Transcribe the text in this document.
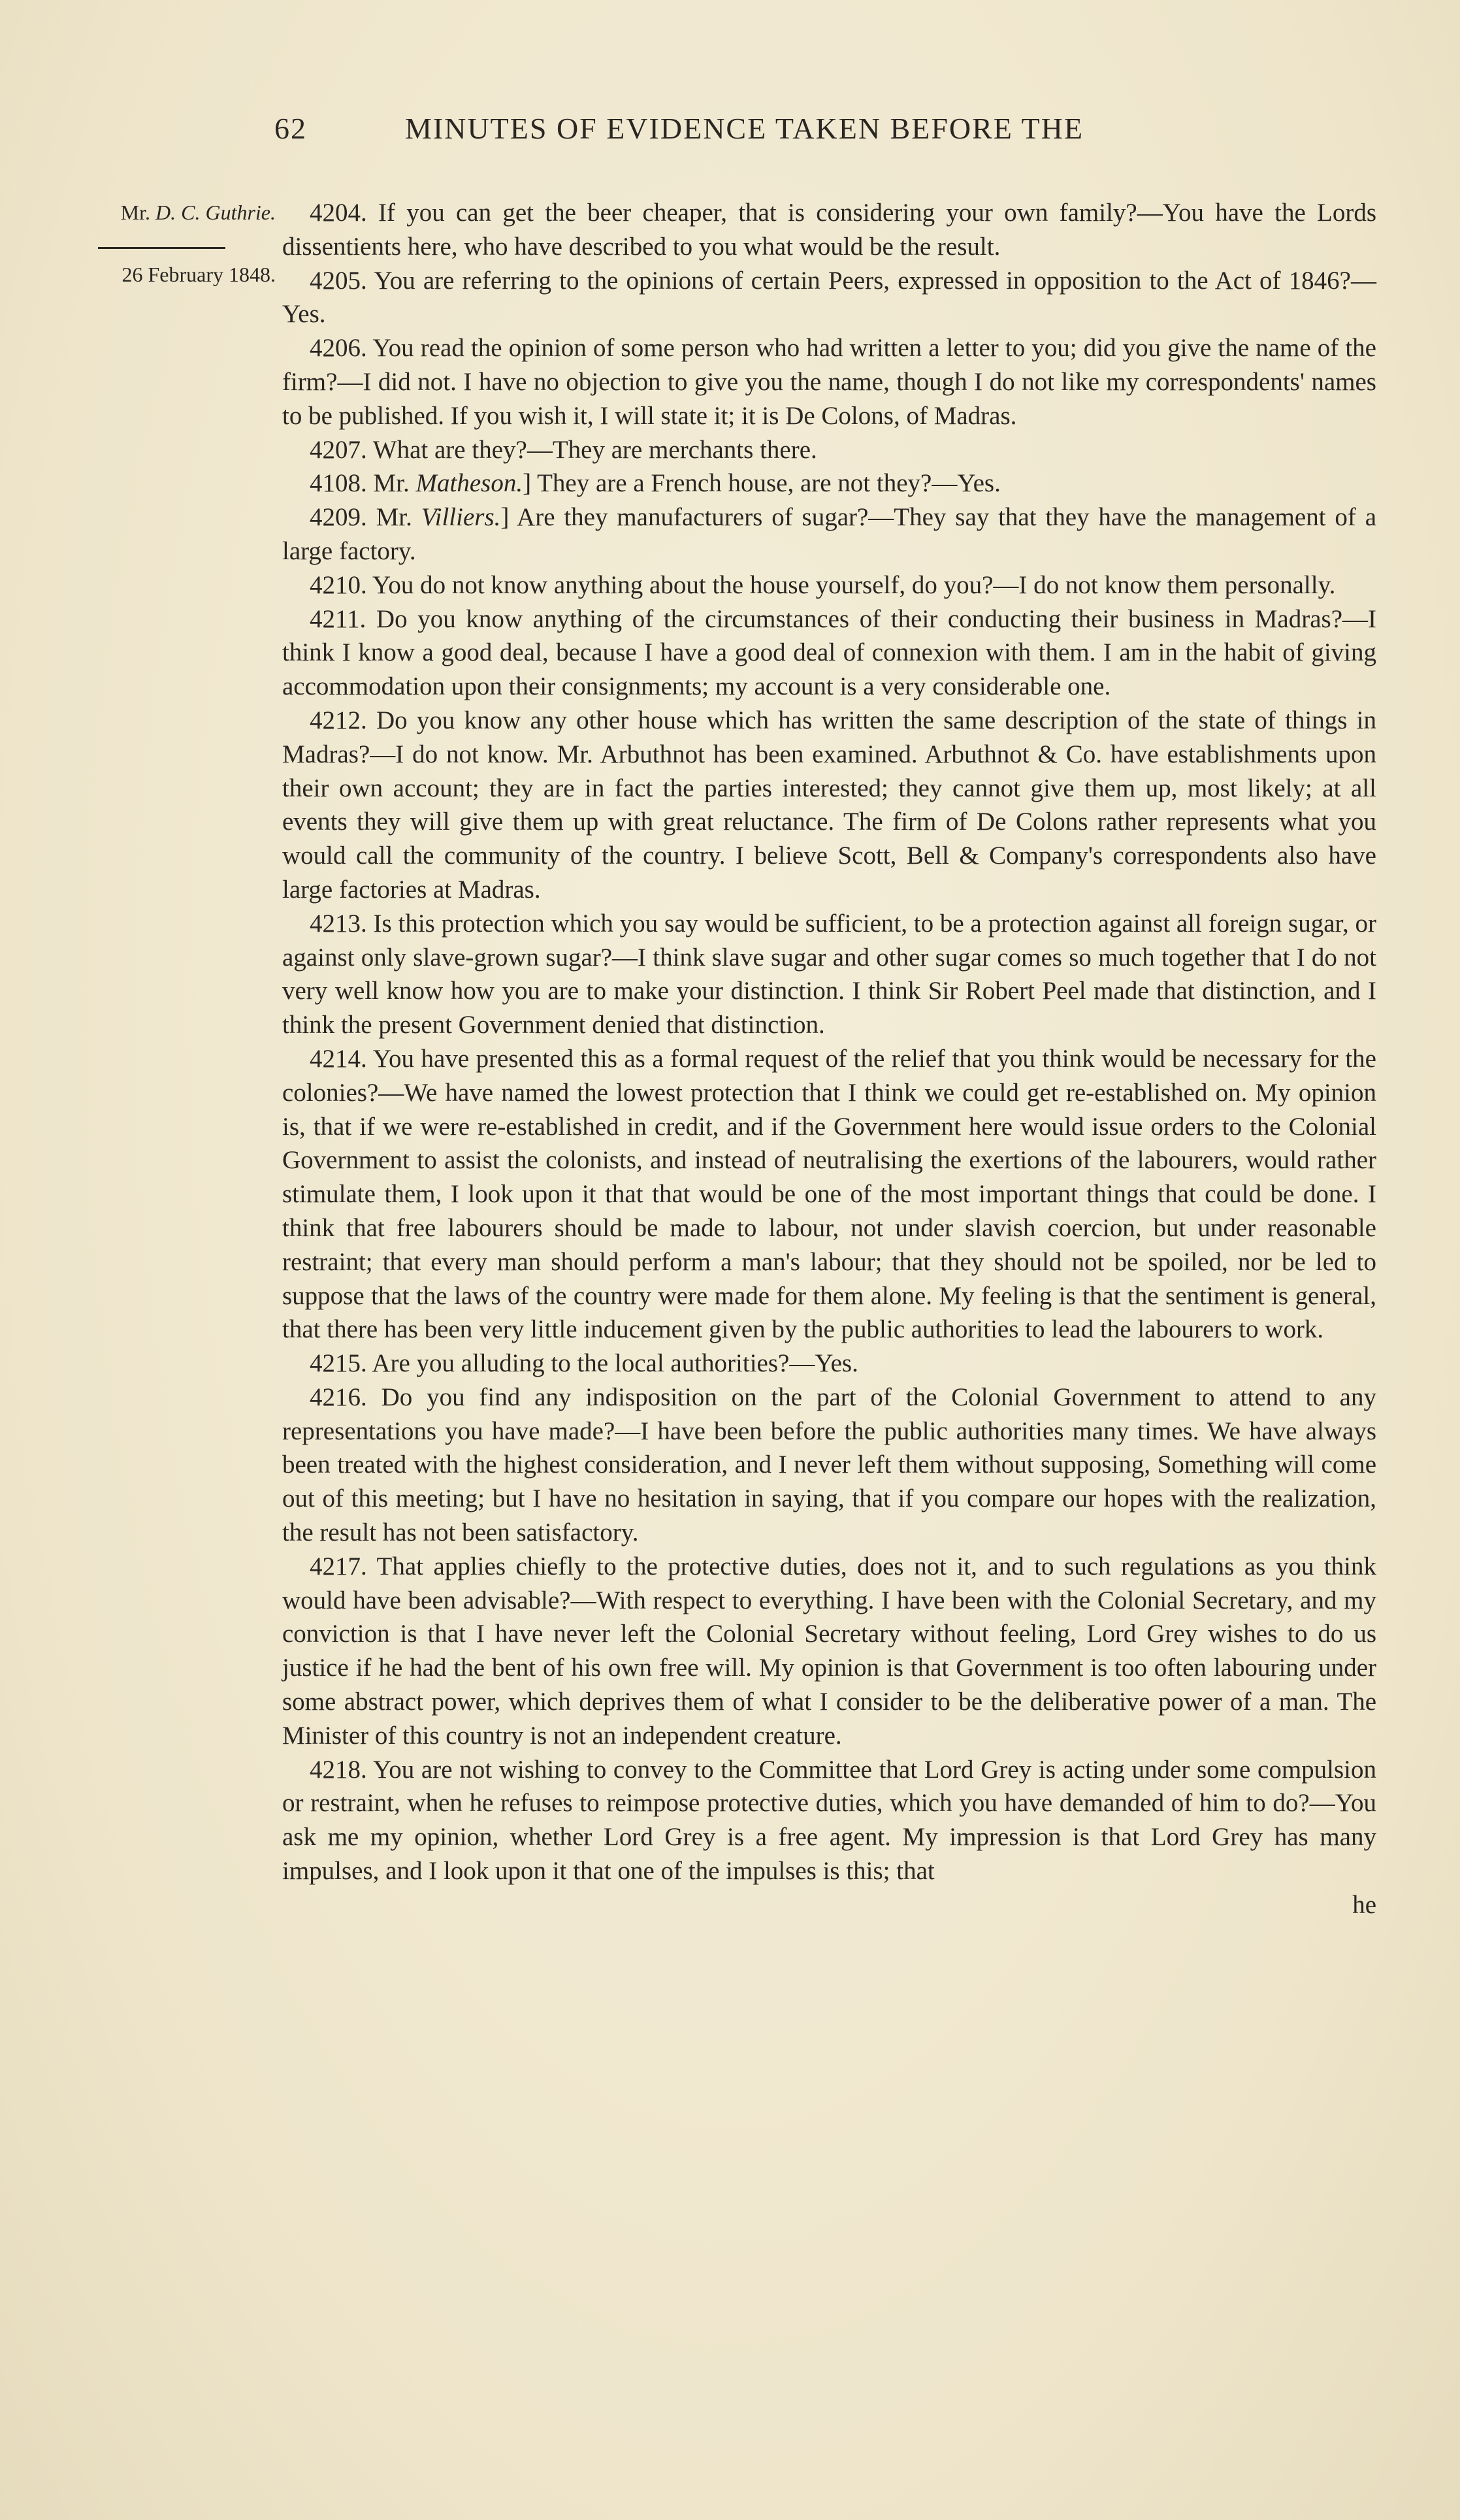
62	MINUTES OF EVIDENCE TAKEN BEFORE THE
Mr. D. C. Guthrie.
26 February 1848.

4204. If you can get the beer cheaper, that is considering your own family?—You have the Lords dissentients here, who have described to you what would be the result.

4205. You are referring to the opinions of certain Peers, expressed in opposition to the Act of 1846?—Yes.

4206. You read the opinion of some person who had written a letter to you; did you give the name of the firm?—I did not. I have no objection to give you the name, though I do not like my correspondents' names to be published. If you wish it, I will state it; it is De Colons, of Madras.

4207. What are they?—They are merchants there.

4108. Mr. Matheson.] They are a French house, are not they?—Yes.

4209. Mr. Villiers.] Are they manufacturers of sugar?—They say that they have the management of a large factory.

4210. You do not know anything about the house yourself, do you?—I do not know them personally.

4211. Do you know anything of the circumstances of their conducting their business in Madras?—I think I know a good deal, because I have a good deal of connexion with them. I am in the habit of giving accommodation upon their consignments; my account is a very considerable one.

4212. Do you know any other house which has written the same description of the state of things in Madras?—I do not know. Mr. Arbuthnot has been examined. Arbuthnot & Co. have establishments upon their own account; they are in fact the parties interested; they cannot give them up, most likely; at all events they will give them up with great reluctance. The firm of De Colons rather represents what you would call the community of the country. I believe Scott, Bell & Company's correspondents also have large factories at Madras.

4213. Is this protection which you say would be sufficient, to be a protection against all foreign sugar, or against only slave-grown sugar?—I think slave sugar and other sugar comes so much together that I do not very well know how you are to make your distinction. I think Sir Robert Peel made that distinction, and I think the present Government denied that distinction.

4214. You have presented this as a formal request of the relief that you think would be necessary for the colonies?—We have named the lowest protection that I think we could get re-established on. My opinion is, that if we were re-established in credit, and if the Government here would issue orders to the Colonial Government to assist the colonists, and instead of neutralising the exertions of the labourers, would rather stimulate them, I look upon it that that would be one of the most important things that could be done. I think that free labourers should be made to labour, not under slavish coercion, but under reasonable restraint; that every man should perform a man's labour; that they should not be spoiled, nor be led to suppose that the laws of the country were made for them alone. My feeling is that the sentiment is general, that there has been very little inducement given by the public authorities to lead the labourers to work.

4215. Are you alluding to the local authorities?—Yes.

4216. Do you find any indisposition on the part of the Colonial Government to attend to any representations you have made?—I have been before the public authorities many times. We have always been treated with the highest consideration, and I never left them without supposing, Something will come out of this meeting; but I have no hesitation in saying, that if you compare our hopes with the realization, the result has not been satisfactory.

4217. That applies chiefly to the protective duties, does not it, and to such regulations as you think would have been advisable?—With respect to everything. I have been with the Colonial Secretary, and my conviction is that I have never left the Colonial Secretary without feeling, Lord Grey wishes to do us justice if he had the bent of his own free will. My opinion is that Government is too often labouring under some abstract power, which deprives them of what I consider to be the deliberative power of a man. The Minister of this country is not an independent creature.

4218. You are not wishing to convey to the Committee that Lord Grey is acting under some compulsion or restraint, when he refuses to reimpose protective duties, which you have demanded of him to do?—You ask me my opinion, whether Lord Grey is a free agent. My impression is that Lord Grey has many impulses, and I look upon it that one of the impulses is this; that

he
